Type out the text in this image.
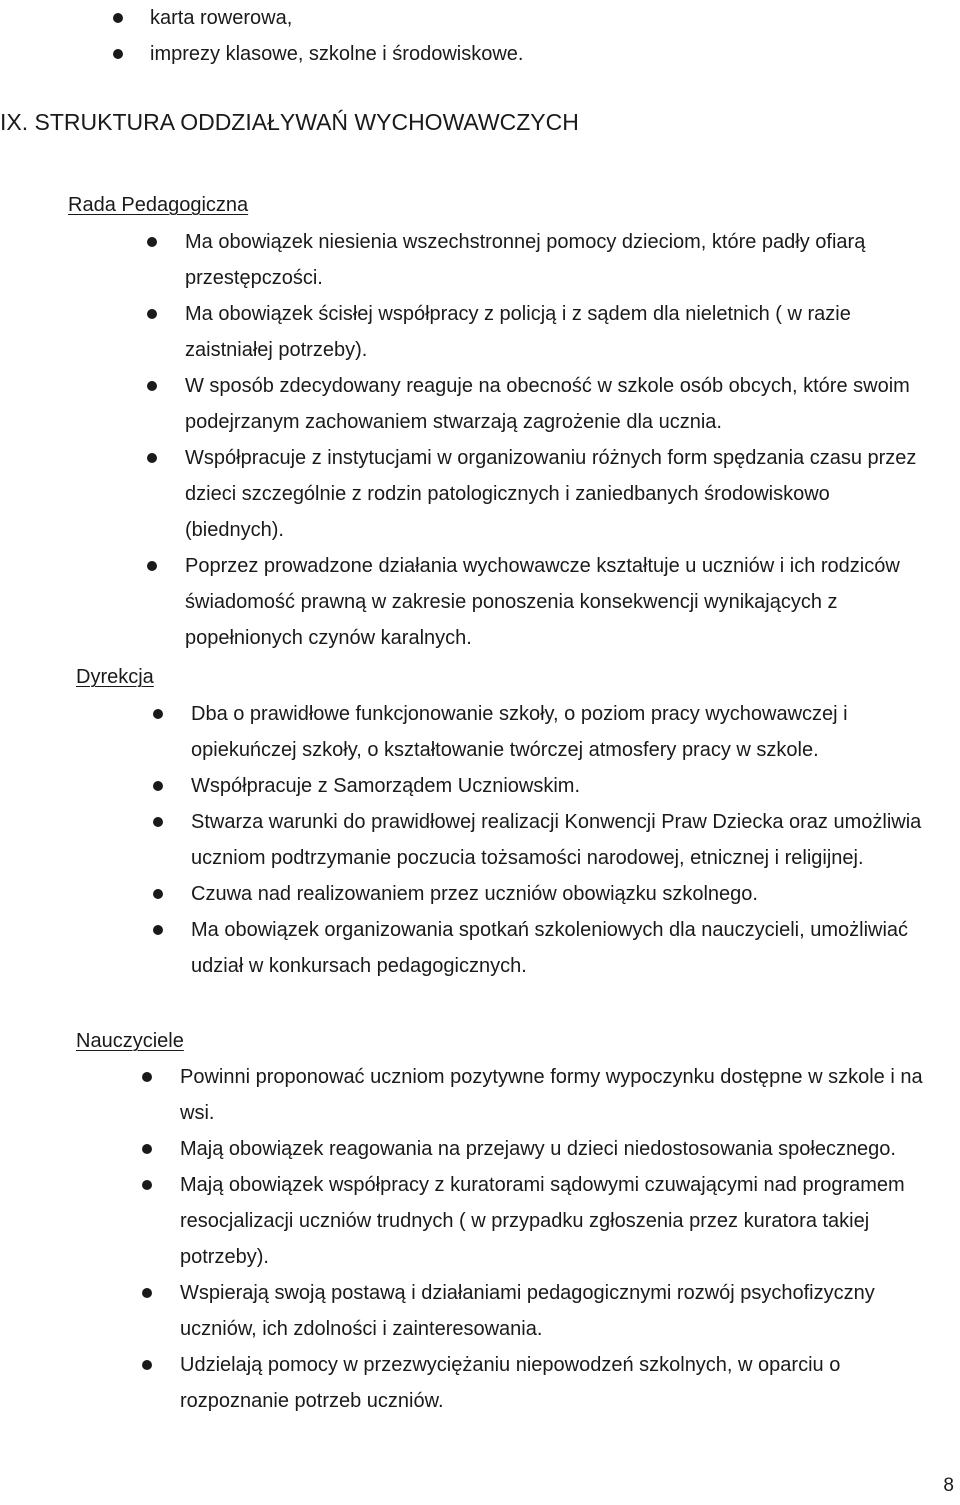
karta rowerowa,
imprezy klasowe, szkolne i środowiskowe.
IX. STRUKTURA ODDZIAŁYWAŃ WYCHOWAWCZYCH
Rada Pedagogiczna
Ma obowiązek niesienia wszechstronnej pomocy dzieciom, które padły ofiarą przestępczości.
Ma obowiązek ścisłej współpracy z policją i z sądem dla nieletnich ( w razie zaistniałej potrzeby).
W sposób zdecydowany reaguje na obecność w szkole osób obcych, które swoim podejrzanym zachowaniem stwarzają zagrożenie dla ucznia.
Współpracuje z instytucjami w organizowaniu różnych form spędzania czasu przez dzieci szczególnie z rodzin patologicznych i zaniedbanych środowiskowo (biednych).
Poprzez prowadzone działania wychowawcze kształtuje u uczniów i ich rodziców świadomość prawną w zakresie ponoszenia konsekwencji wynikających z popełnionych czynów karalnych.
Dyrekcja
Dba o prawidłowe funkcjonowanie szkoły, o poziom pracy wychowawczej i opiekuńczej szkoły, o kształtowanie twórczej atmosfery pracy w szkole.
Współpracuje z Samorządem Uczniowskim.
Stwarza warunki do prawidłowej realizacji Konwencji Praw Dziecka oraz umożliwia uczniom podtrzymanie poczucia tożsamości narodowej, etnicznej i religijnej.
Czuwa nad realizowaniem przez uczniów obowiązku szkolnego.
Ma obowiązek organizowania spotkań szkoleniowych dla nauczycieli, umożliwiać udział w konkursach pedagogicznych.
Nauczyciele
Powinni proponować uczniom pozytywne formy wypoczynku dostępne w szkole i na wsi.
Mają obowiązek reagowania na przejawy u dzieci niedostosowania społecznego.
Mają obowiązek współpracy z kuratorami sądowymi czuwającymi nad programem resocjalizacji uczniów trudnych ( w przypadku zgłoszenia przez kuratora takiej potrzeby).
Wspierają swoją postawą i działaniami pedagogicznymi rozwój psychofizyczny uczniów, ich zdolności i zainteresowania.
Udzielają pomocy w przezwyciężaniu niepowodzeń szkolnych, w oparciu o rozpoznanie potrzeb uczniów.
8
